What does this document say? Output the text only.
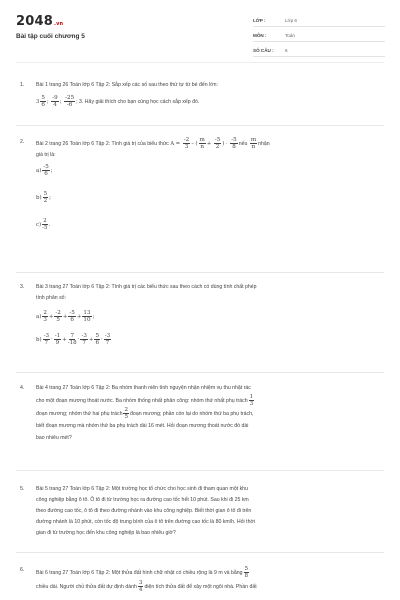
2048.vn
Bài tập cuối chương 5
LỚP :	Lớp 6
MÔN :	Toán
SỐ CÂU :	6
1. Bài 1 trang 26 Toán lớp 6 Tập 2: Sắp xếp các số sau theo thứ tự từ bé đến lớn:
$3 \frac{5}{6}$ ; $\frac{-9}{4}$ ; $\frac{-25}{-6}$ ; 3. Hãy giải thích cho bạn cùng học cách sắp xếp đó.
2. Bài 2 trang 26 Toán lớp 6 Tập 2: Tính giá trị của biểu thức $A = \frac{-2}{3}$ – ( $\frac{m}{n} + \frac{-5}{2}$ ) · $\frac{-5}{8}$ nếu $\frac{m}{n}$ nhận
giá trị là:
$a) \frac{-5}{6}$ ;
$b) \frac{5}{2}$ ;
$c) \frac{2}{-5}$ .
3. Bài 3 trang 27 Toán lớp 6 Tập 2: Tính giá trị các biểu thức sau theo cách có dùng tính chất phép
tính phân số:
$a) \frac{2}{3} + \frac{-2}{5} + \frac{-5}{6} + \frac{13}{10}$ ;
$b) \frac{-3}{7} \cdot \frac{-1}{9} + \frac{7}{-18} \cdot \frac{-3}{7} + \frac{5}{6} \cdot \frac{-3}{7}$
4. Bài 4 trang 27 Toán lớp 6 Tập 2: Ba nhóm thanh niên tình nguyện nhận nhiệm vụ thu nhặt rác
cho một đoạn mương thoát nước. Ba nhóm thống nhất phân công: nhóm thứ nhất phụ trách $\frac{1}{3}$
đoạn mương; nhóm thứ hai phụ trách $\frac{2}{5}$ đoạn mương; phần còn lại do nhóm thứ ba phụ trách,
biết đoạn mương mà nhóm thứ ba phụ trách dài 16 mét. Hỏi đoạn mương thoát nước đó dài
bao nhiêu mét?
5. Bài 5 trang 27 Toán lớp 6 Tập 2: Một trường học tổ chức cho học sinh đi tham quan một khu
công nghiệp bằng ô tô. Ô tô đi từ trường học ra đường cao tốc hết 10 phút. Sau khi đi 25 km
theo đường cao tốc, ô tô đi theo đường nhánh vào khu công nghiệp. Biết thời gian ô tô đi trên
đường nhánh là 10 phút, còn tốc độ trung bình của ô tô trên đường cao tốc là 80 km/h. Hỏi thời
gian đi từ trường học đến khu công nghiệp là bao nhiêu giờ?
6. Bài 6 trang 27 Toán lớp 6 Tập 2: Một thửa đất hình chữ nhật có chiều rộng là 9 m và bằng $\frac{5}{8}$
chiều dài. Người chủ thửa đất dự định dành $\frac{3}{4}$ diện tích thửa đất để xây một ngôi nhà. Phần đất
